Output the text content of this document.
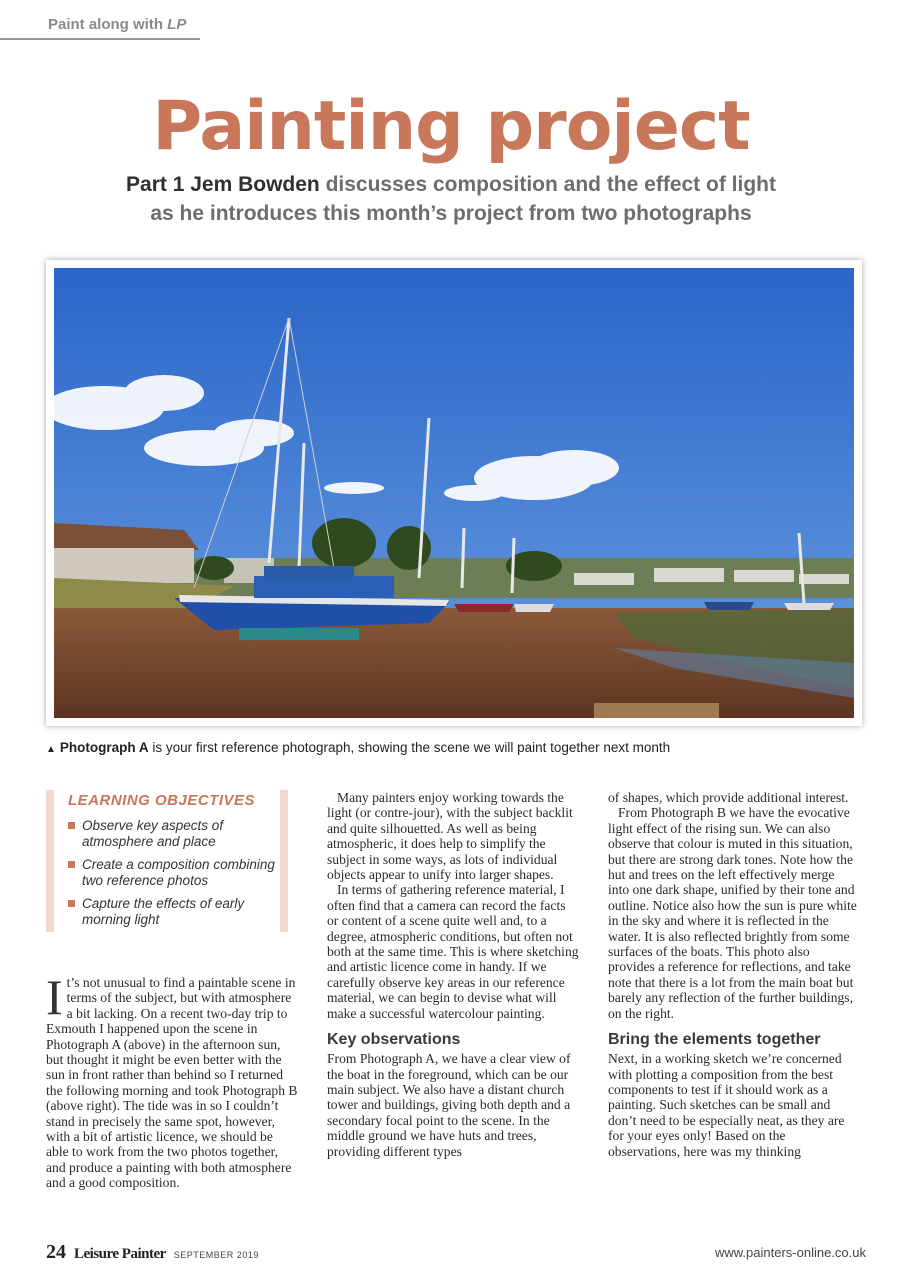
Paint along with LP
Painting project
Part 1 Jem Bowden discusses composition and the effect of light
as he introduces this month’s project from two photographs
▲ Photograph A is your first reference photograph, showing the scene we will paint together next month
LEARNING OBJECTIVES
Observe key aspects of atmosphere and place
Create a composition combining two reference photos
Capture the effects of early morning light

It’s not unusual to find a paintable scene in terms of the subject, but with atmosphere a bit lacking. On a recent two-day trip to Exmouth I happened upon the scene in Photograph A (above) in the afternoon sun, but thought it might be even better with the sun in front rather than behind so I returned the following morning and took Photograph B (above right). The tide was in so I couldn’t stand in precisely the same spot, however, with a bit of artistic licence, we should be able to work from the two photos together, and produce a painting with both atmosphere and a good composition.

Many painters enjoy working towards the light (or contre-jour), with the subject backlit and quite silhouetted. As well as being atmospheric, it does help to simplify the subject in some ways, as lots of individual objects appear to unify into larger shapes.

In terms of gathering reference material, I often find that a camera can record the facts or content of a scene quite well and, to a degree, atmospheric conditions, but often not both at the same time. This is where sketching and artistic licence come in handy. If we carefully observe key areas in our reference material, we can begin to devise what will make a successful watercolour painting.

Key observations

From Photograph A, we have a clear view of the boat in the foreground, which can be our main subject. We also have a distant church tower and buildings, giving both depth and a secondary focal point to the scene. In the middle ground we have huts and trees, providing different types

of shapes, which provide additional interest.

From Photograph B we have the evocative light effect of the rising sun. We can also observe that colour is muted in this situation, but there are strong dark tones. Note how the hut and trees on the left effectively merge into one dark shape, unified by their tone and outline. Notice also how the sun is pure white in the sky and where it is reflected in the water. It is also reflected brightly from some surfaces of the boats. This photo also provides a reference for reflections, and take note that there is a lot from the main boat but barely any reflection of the further buildings, on the right.

Bring the elements together

Next, in a working sketch we’re concerned with plotting a composition from the best components to test if it should work as a painting. Such sketches can be small and don’t need to be especially neat, as they are for your eyes only! Based on the observations, here was my thinking

24 Leisure Painter SEPTEMBER 2019	www.painters-online.co.uk
